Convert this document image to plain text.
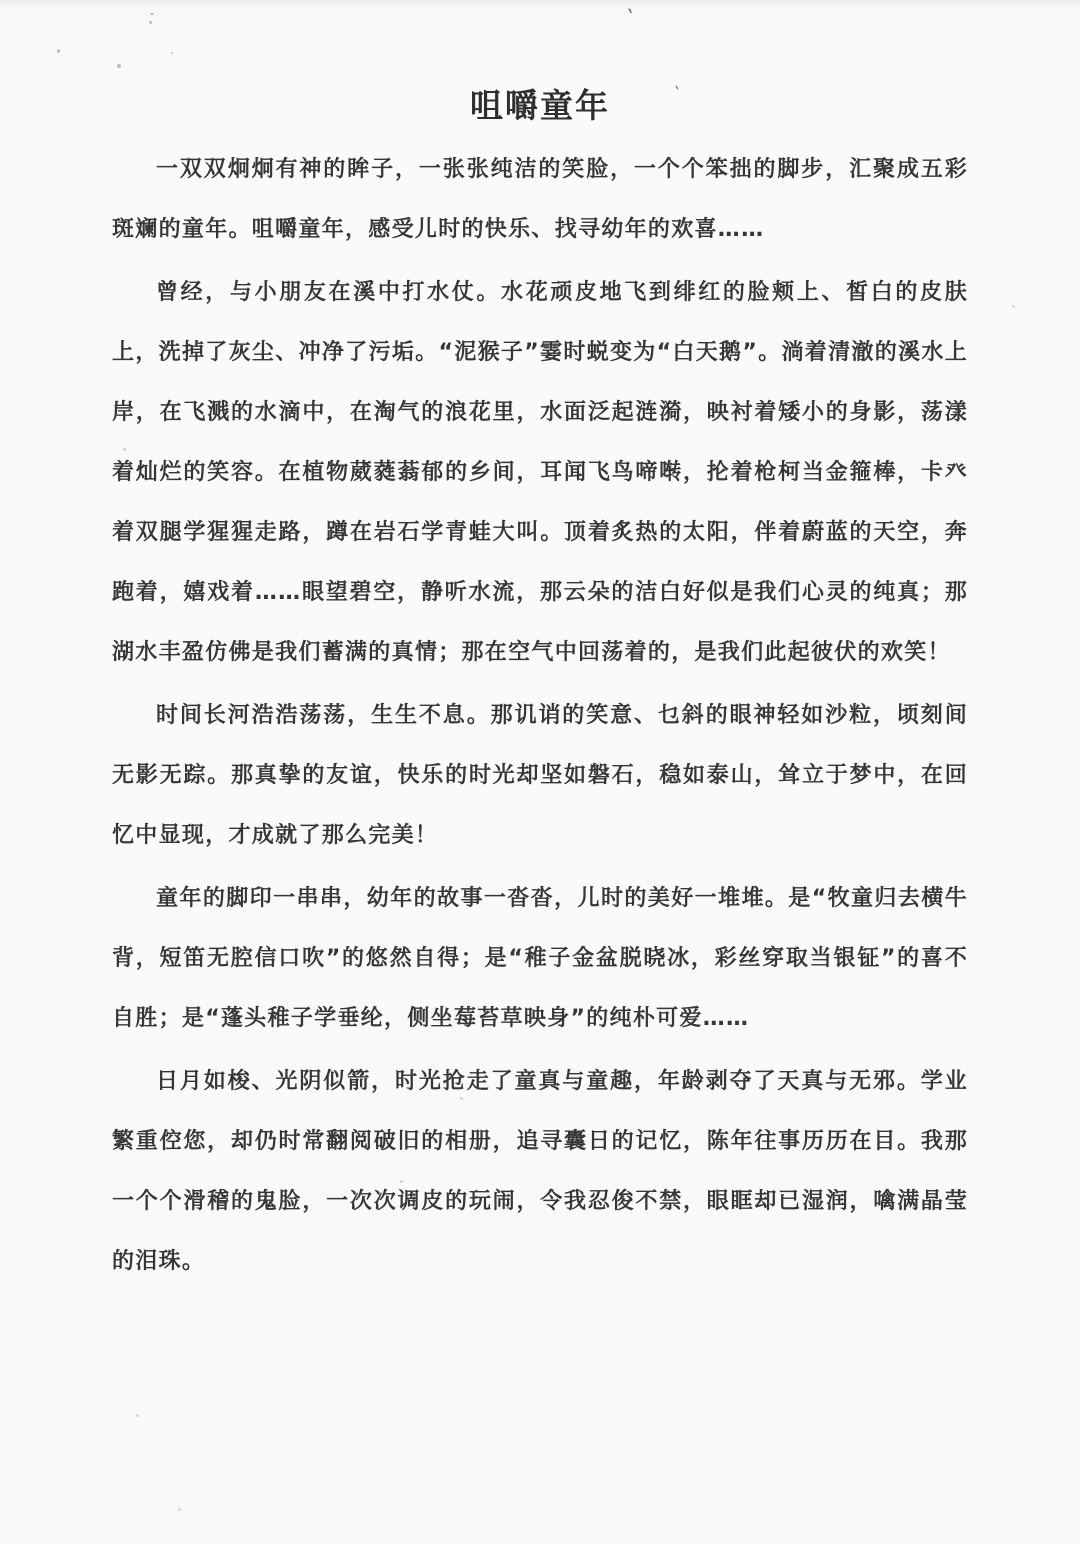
咀嚼童年

一双双炯炯有神的眸子，一张张纯洁的笑脸，一个个笨拙的脚步，汇聚成五彩斑斓的童年。咀嚼童年，感受儿时的快乐、找寻幼年的欢喜……

曾经，与小朋友在溪中打水仗。水花顽皮地飞到绯红的脸颊上、皙白的皮肤上，洗掉了灰尘、冲净了污垢。“泥猴子”霎时蜕变为“白天鹅”。淌着清澈的溪水上岸，在飞溅的水滴中，在淘气的浪花里，水面泛起涟漪，映衬着矮小的身影，荡漾着灿烂的笑容。在植物葳蕤蓊郁的乡间，耳闻飞鸟啼啭，抡着枪柯当金箍棒，卡癶着双腿学猩猩走路，蹲在岩石学青蛙大叫。顶着炙热的太阳，伴着蔚蓝的天空，奔跑着，嬉戏着……眼望碧空，静听水流，那云朵的洁白好似是我们心灵的纯真；那湖水丰盈仿佛是我们蓄满的真情；那在空气中回荡着的，是我们此起彼伏的欢笑！

时间长河浩浩荡荡，生生不息。那讥诮的笑意、乜斜的眼神轻如沙粒，顷刻间无影无踪。那真挚的友谊，快乐的时光却坚如磐石，稳如泰山，耸立于梦中，在回忆中显现，才成就了那么完美！

童年的脚印一串串，幼年的故事一沓沓，儿时的美好一堆堆。是“牧童归去横牛背，短笛无腔信口吹”的悠然自得；是“稚子金盆脱晓冰，彩丝穿取当银钲”的喜不自胜；是“蓬头稚子学垂纶，侧坐莓苔草映身”的纯朴可爱……

日月如梭、光阴似箭，时光抢走了童真与童趣，年龄剥夺了天真与无邪。学业繁重倥您，却仍时常翻阅破旧的相册，追寻囊日的记忆，陈年往事历历在目。我那一个个滑稽的鬼脸，一次次调皮的玩闹，令我忍俊不禁，眼眶却已湿润，噙满晶莹的泪珠。

`
`
